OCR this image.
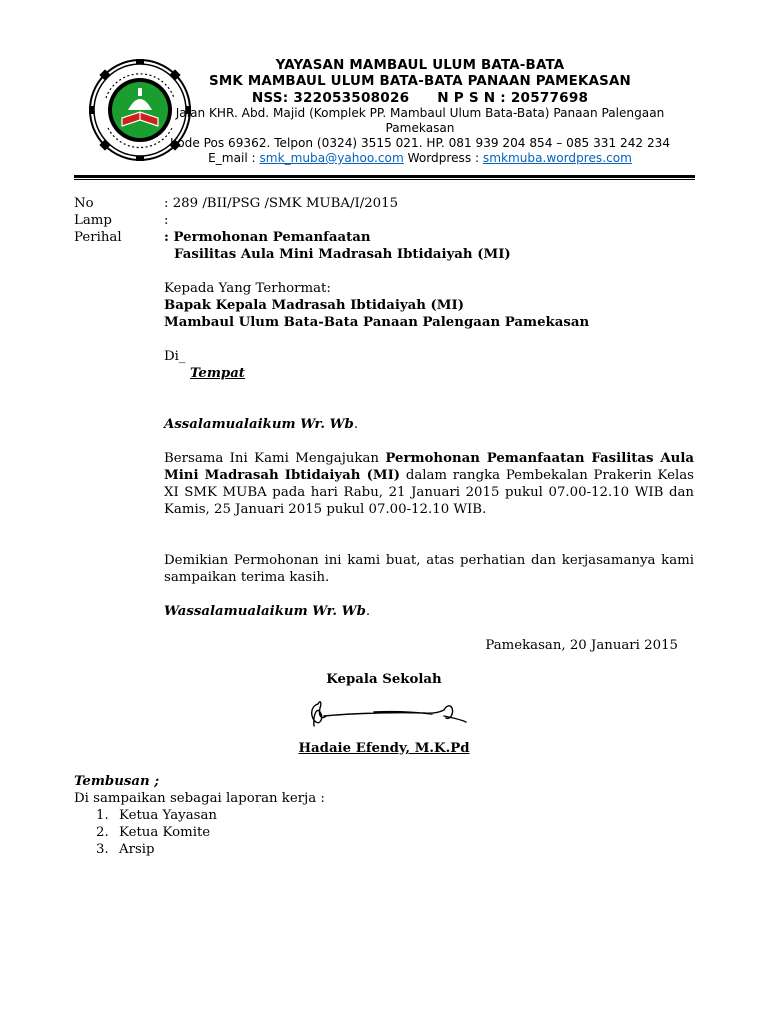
YAYASAN MAMBAUL ULUM BATA-BATA
SMK MAMBAUL ULUM BATA-BATA PANAAN PAMEKASAN
NSS: 322053508026 N P S N : 20577698
Jalan KHR. Abd. Majid (Komplek PP. Mambaul Ulum Bata-Bata) Panaan Palengaan
Pamekasan
Kode Pos 69362. Telpon (0324) 3515 021. HP. 081 939 204 854 – 085 331 242 234
E_mail : smk_muba@yahoo.com Wordpress : smkmuba.wordpres.com
No	: 289 /BII/PSG /SMK MUBA/I/2015
Lamp	:
Perihal	: Permohonan Pemanfaatan
Fasilitas Aula Mini Madrasah Ibtidaiyah (MI)
Kepada Yang Terhormat:
Bapak Kepala Madrasah Ibtidaiyah (MI)
Mambaul Ulum Bata-Bata Panaan Palengaan Pamekasan
Di_
Tempat
Assalamualaikum Wr. Wb.
Bersama Ini Kami Mengajukan Permohonan Pemanfaatan Fasilitas Aula Mini Madrasah Ibtidaiyah (MI) dalam rangka Pembekalan Prakerin Kelas XI SMK MUBA pada hari Rabu, 21 Januari 2015 pukul 07.00-12.10 WIB dan Kamis, 25 Januari 2015 pukul 07.00-12.10 WIB.
Demikian Permohonan ini kami buat, atas perhatian dan kerjasamanya kami sampaikan terima kasih.
Wassalamualaikum Wr. Wb.
Pamekasan, 20 Januari 2015
Kepala Sekolah
Hadaie Efendy, M.K.Pd
Tembusan ;
Di sampaikan sebagai laporan kerja :
1. Ketua Yayasan
2. Ketua Komite
3. Arsip
